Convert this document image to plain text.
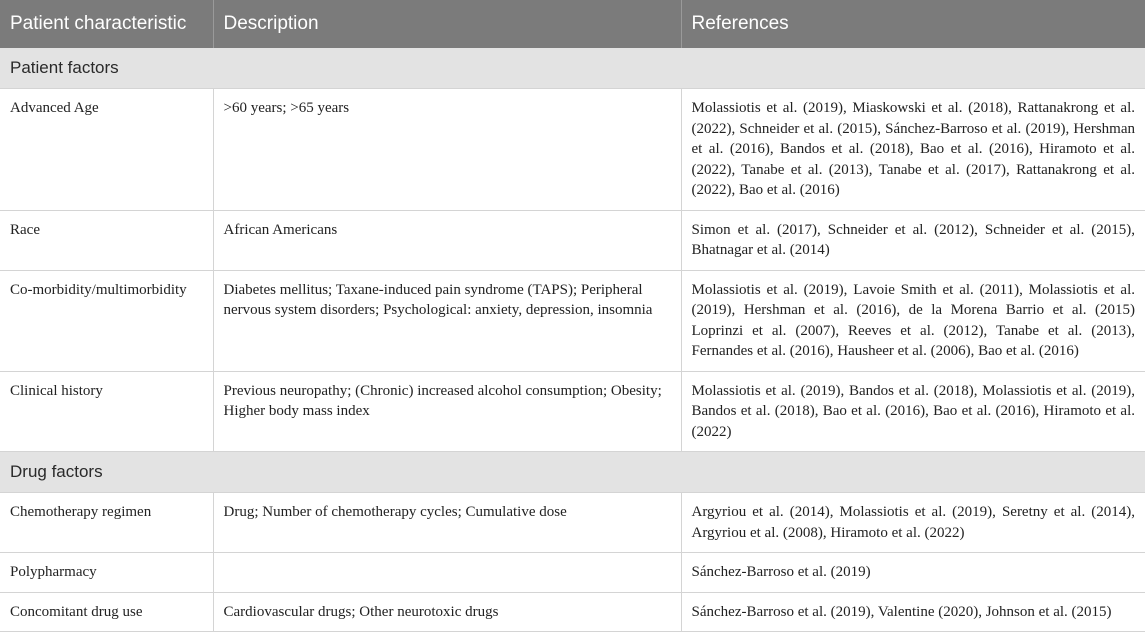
Patient characteristic	Description	References
Patient factors		
Advanced Age	>60 years; >65 years	Molassiotis et al. (2019), Miaskowski et al. (2018), Rattanakrong et al. (2022), Schneider et al. (2015), Sánchez-Barroso et al. (2019), Hershman et al. (2016), Bandos et al. (2018), Bao et al. (2016), Hiramoto et al. (2022), Tanabe et al. (2013), Tanabe et al. (2017), Rattanakrong et al. (2022), Bao et al. (2016)
Race	African Americans	Simon et al. (2017), Schneider et al. (2012), Schneider et al. (2015), Bhatnagar et al. (2014)
Co-morbidity/multimorbidity	Diabetes mellitus; Taxane-induced pain syndrome (TAPS); Peripheral nervous system disorders; Psychological: anxiety, depression, insomnia	Molassiotis et al. (2019), Lavoie Smith et al. (2011), Molassiotis et al. (2019), Hershman et al. (2016), de la Morena Barrio et al. (2015) Loprinzi et al. (2007), Reeves et al. (2012), Tanabe et al. (2013), Fernandes et al. (2016), Hausheer et al. (2006), Bao et al. (2016)
Clinical history	Previous neuropathy; (Chronic) increased alcohol consumption; Obesity; Higher body mass index	Molassiotis et al. (2019), Bandos et al. (2018), Molassiotis et al. (2019), Bandos et al. (2018), Bao et al. (2016), Bao et al. (2016), Hiramoto et al. (2022)
Drug factors		
Chemotherapy regimen	Drug; Number of chemotherapy cycles; Cumulative dose	Argyriou et al. (2014), Molassiotis et al. (2019), Seretny et al. (2014), Argyriou et al. (2008), Hiramoto et al. (2022)
Polypharmacy		Sánchez-Barroso et al. (2019)
Concomitant drug use	Cardiovascular drugs; Other neurotoxic drugs	Sánchez-Barroso et al. (2019), Valentine (2020), Johnson et al. (2015)
